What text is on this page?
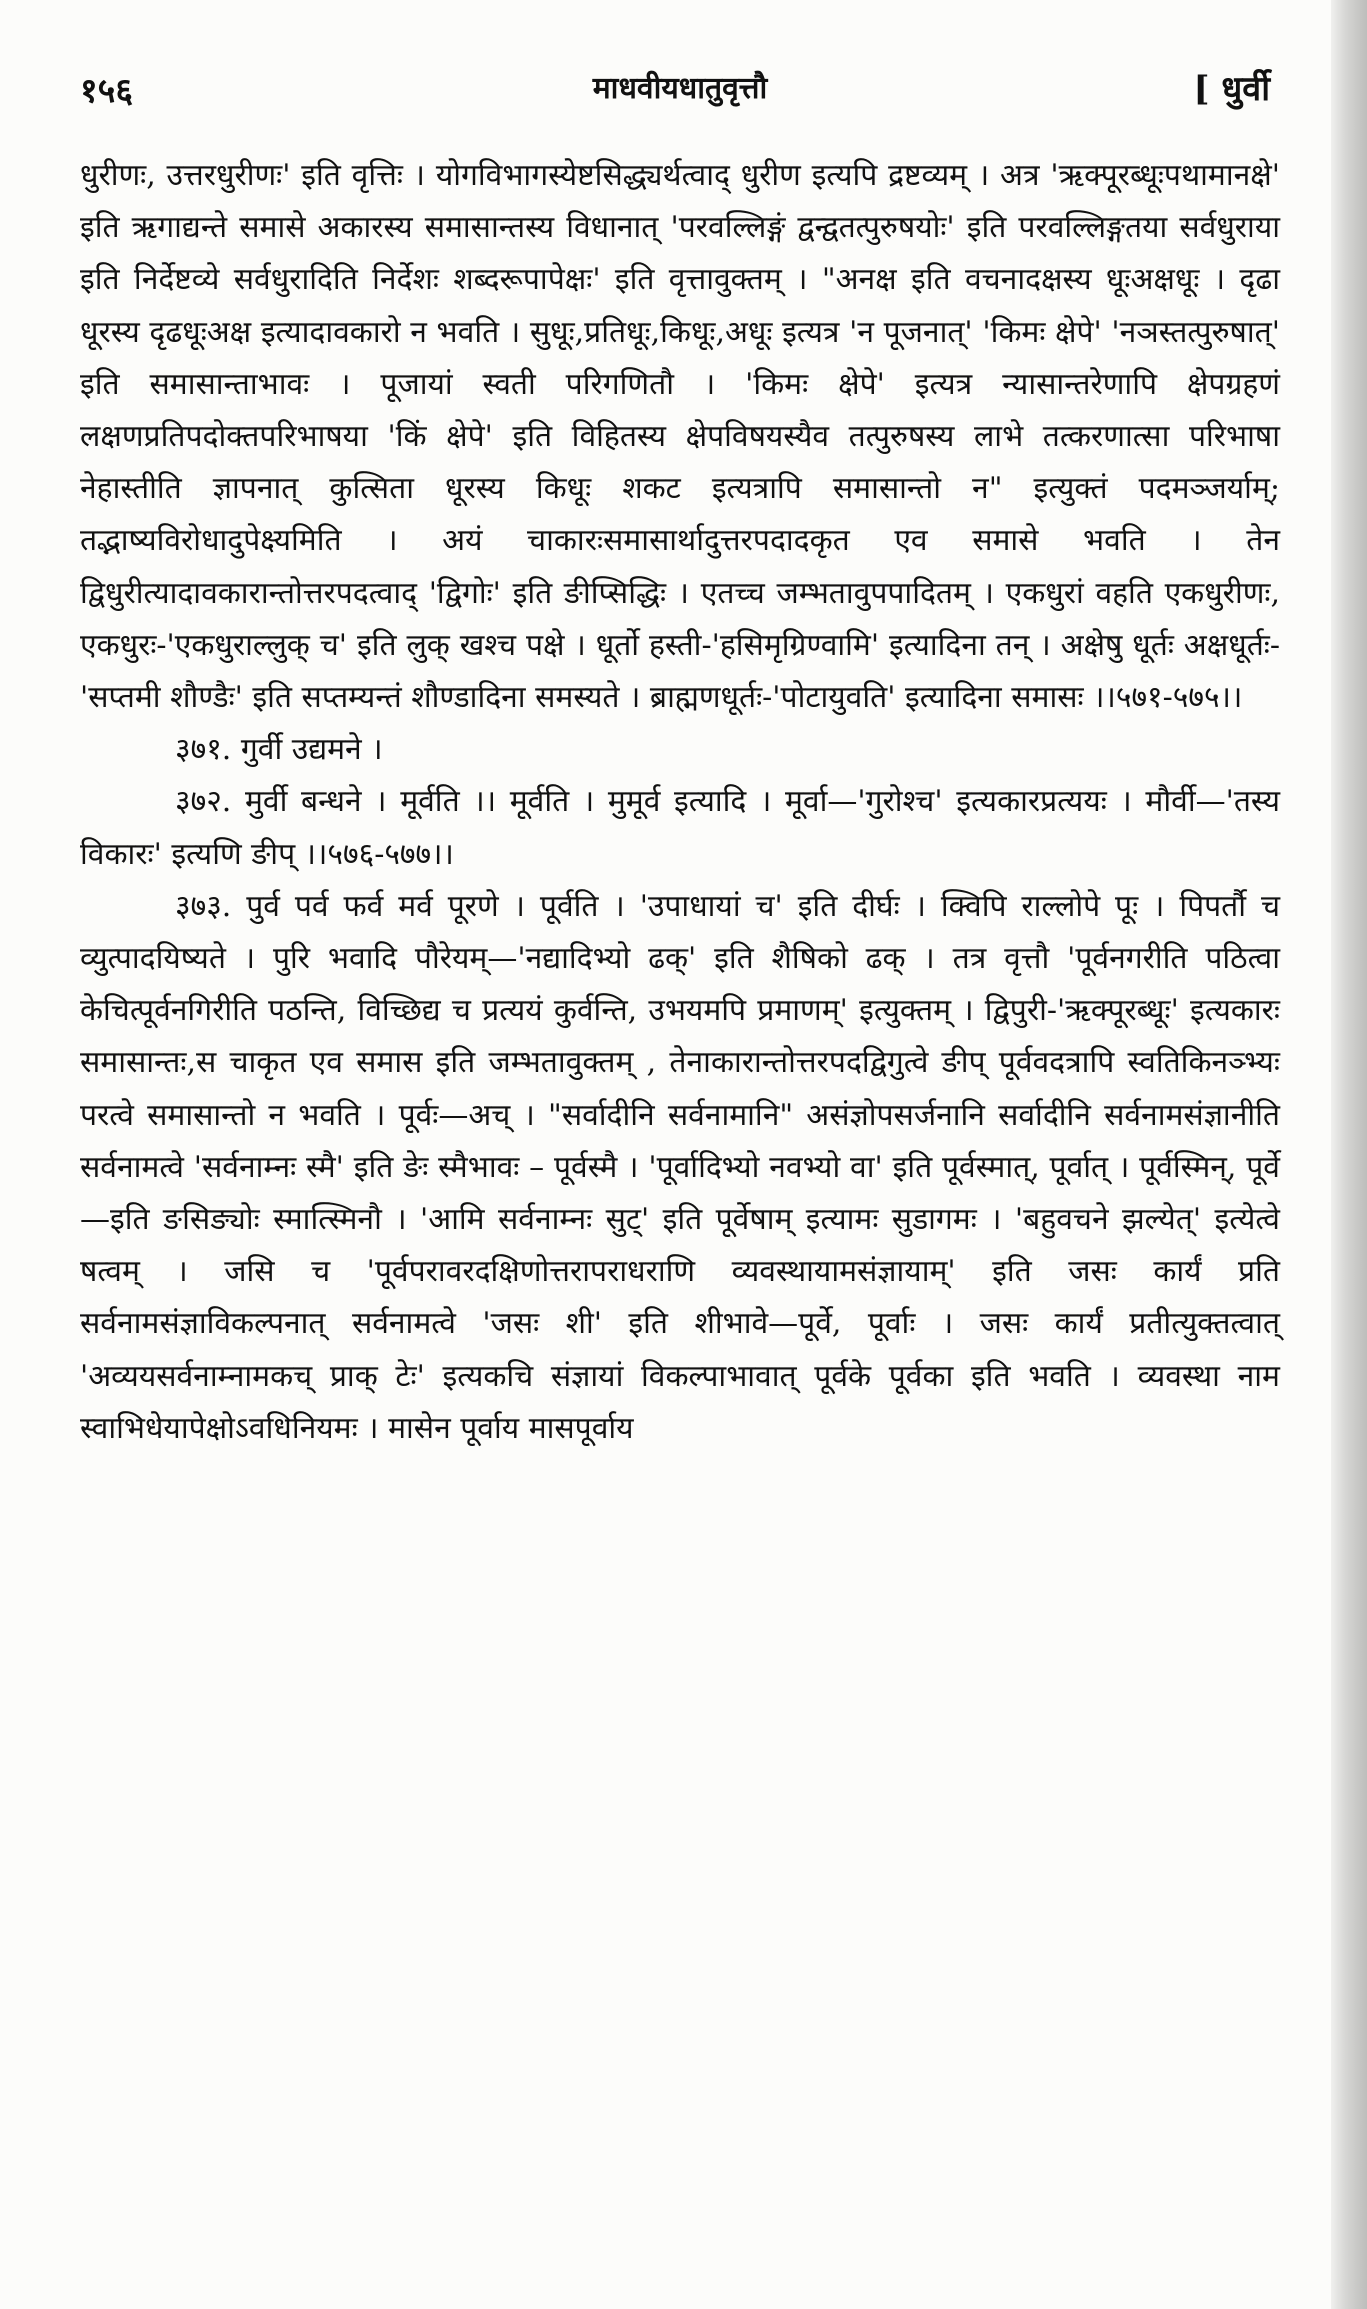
१५६	माधवीयधातुवृत्तौ	[ धुर्वी

धुरीणः, उत्तरधुरीणः' इति वृत्तिः । योगविभागस्येष्टसिद्ध्यर्थत्वाद् धुरीण इत्यपि द्रष्टव्यम् । अत्र 'ऋक्पूरब्धूःपथामानक्षे' इति ऋगाद्यन्ते समासे अकारस्य समासान्तस्य विधानात् 'परवल्लिङ्गं द्वन्द्वतत्पुरुषयोः' इति परवल्लिङ्गतया सर्वधुराया इति निर्देष्टव्ये सर्वधुरादिति निर्देशः शब्दरूपापेक्षः' इति वृत्तावुक्तम् । "अनक्ष इति वचनादक्षस्य धूःअक्षधूः । दृढा धूरस्य दृढधूःअक्ष इत्यादावकारो न भवति । सुधूः,प्रतिधूः,किधूः,अधूः इत्यत्र 'न पूजनात्' 'किमः क्षेपे' 'नञस्तत्पुरुषात्' इति समासान्ताभावः । पूजायां स्वती परिगणितौ । 'किमः क्षेपे' इत्यत्र न्यासान्तरेणापि क्षेपग्रहणं लक्षणप्रतिपदोक्तपरिभाषया 'किं क्षेपे' इति विहितस्य क्षेपविषयस्यैव तत्पुरुषस्य लाभे तत्करणात्सा परिभाषा नेहास्तीति ज्ञापनात् कुत्सिता धूरस्य किधूः शकट इत्यत्रापि समासान्तो न" इत्युक्तं पदमञ्जर्याम्; तद्भाष्यविरोधादुपेक्ष्यमिति । अयं चाकारःसमासार्थादुत्तरपदादकृत एव समासे भवति । तेन द्विधुरीत्यादावकारान्तोत्तरपदत्वाद् 'द्विगोः' इति ङीप्सिद्धिः । एतच्च जम्भतावुपपादितम् । एकधुरां वहति एकधुरीणः, एकधुरः-'एकधुराल्लुक् च' इति लुक् खश्च पक्षे । धूर्तो हस्ती-'हसिमृग्रिण्वामि' इत्यादिना तन् । अक्षेषु धूर्तः अक्षधूर्तः-'सप्तमी शौण्डैः' इति सप्तम्यन्तं शौण्डादिना समस्यते । ब्राह्मणधूर्तः-'पोटायुवति' इत्यादिना समासः ।।५७१-५७५।।

३७१. गुर्वी उद्यमने ।

३७२. मुर्वी बन्धने । मूर्वति ।। मूर्वति । मुमूर्व इत्यादि । मूर्वा—'गुरोश्च' इत्यकारप्रत्ययः । मौर्वी—'तस्य विकारः' इत्यणि ङीप् ।।५७६-५७७।।

३७३. पुर्व पर्व फर्व मर्व पूरणे । पूर्वति । 'उपाधायां च' इति दीर्घः । क्विपि राल्लोपे पूः । पिपर्तौ च व्युत्पादयिष्यते । पुरि भवादि पौरेयम्—'नद्यादिभ्यो ढक्' इति शैषिको ढक् । तत्र वृत्तौ 'पूर्वनगरीति पठित्वा केचित्पूर्वनगिरीति पठन्ति, विच्छिद्य च प्रत्ययं कुर्वन्ति, उभयमपि प्रमाणम्' इत्युक्तम् । द्विपुरी-'ऋक्पूरब्धूः' इत्यकारः समासान्तः,स चाकृत एव समास इति जम्भतावुक्तम् , तेनाकारान्तोत्तरपदद्विगुत्वे ङीप् पूर्ववदत्रापि स्वतिकिनञ्भ्यः परत्वे समासान्तो न भवति । पूर्वः—अच् । "सर्वादीनि सर्वनामानि" असंज्ञोपसर्जनानि सर्वादीनि सर्वनामसंज्ञानीति सर्वनामत्वे 'सर्वनाम्नः स्मै' इति ङेः स्मैभावः – पूर्वस्मै । 'पूर्वादिभ्यो नवभ्यो वा' इति पूर्वस्मात्, पूर्वात् । पूर्वस्मिन्, पूर्वे—इति ङसिङ्योः स्मात्स्मिनौ । 'आमि सर्वनाम्नः सुट्' इति पूर्वेषाम् इत्यामः सुडागमः । 'बहुवचने झल्येत्' इत्येत्वे षत्वम् । जसि च 'पूर्वपरावरदक्षिणोत्तरापराधराणि व्यवस्थायामसंज्ञायाम्' इति जसः कार्यं प्रति सर्वनामसंज्ञाविकल्पनात् सर्वनामत्वे 'जसः शी' इति शीभावे—पूर्वे, पूर्वाः । जसः कार्यं प्रतीत्युक्तत्वात् 'अव्ययसर्वनाम्नामकच् प्राक् टेः' इत्यकचि संज्ञायां विकल्पाभावात् पूर्वके पूर्वका इति भवति । व्यवस्था नाम स्वाभिधेयापेक्षोऽवधिनियमः । मासेन पूर्वाय मासपूर्वाय
